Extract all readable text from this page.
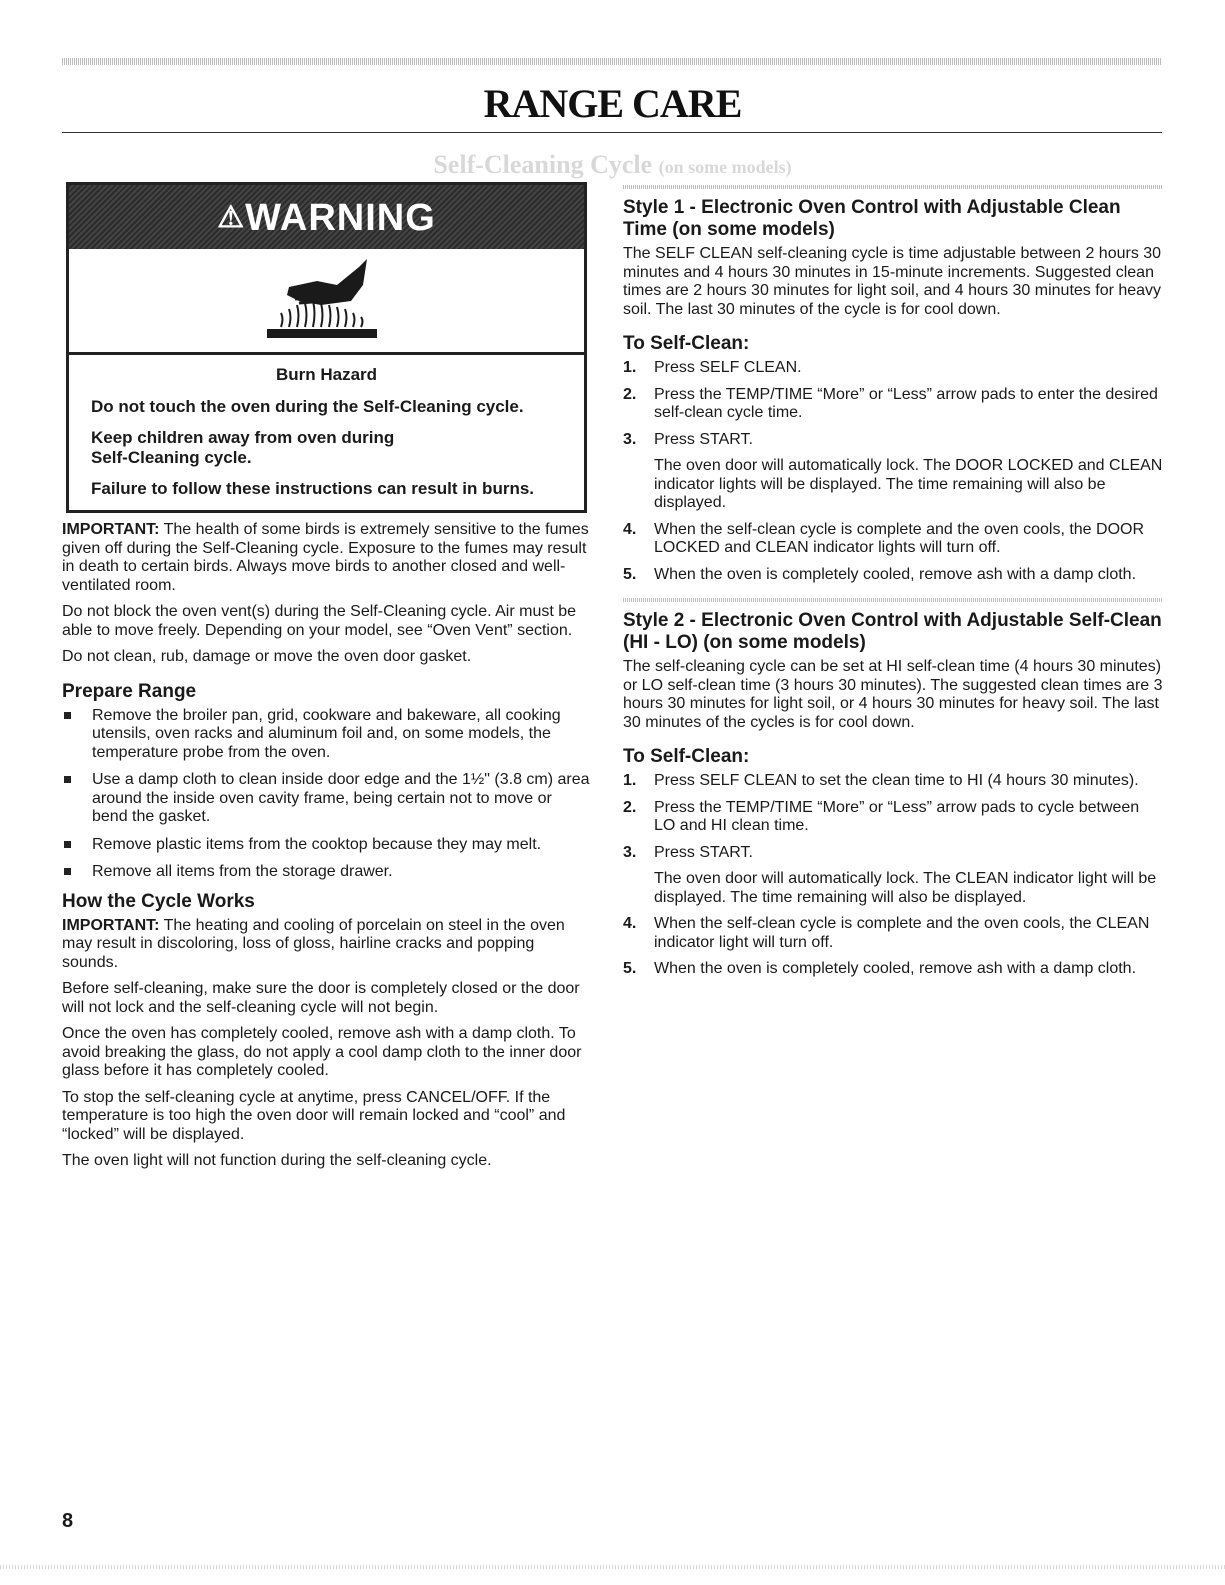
RANGE CARE
Self-Cleaning Cycle (on some models)
⚠WARNING

Burn Hazard

Do not touch the oven during the Self-Cleaning cycle.

Keep children away from oven during Self-Cleaning cycle.

Failure to follow these instructions can result in burns.

IMPORTANT: The health of some birds is extremely sensitive to the fumes given off during the Self-Cleaning cycle. Exposure to the fumes may result in death to certain birds. Always move birds to another closed and well-ventilated room.

Do not block the oven vent(s) during the Self-Cleaning cycle. Air must be able to move freely. Depending on your model, see “Oven Vent” section.

Do not clean, rub, damage or move the oven door gasket.

Prepare Range
Remove the broiler pan, grid, cookware and bakeware, all cooking utensils, oven racks and aluminum foil and, on some models, the temperature probe from the oven.
Use a damp cloth to clean inside door edge and the 1½" (3.8 cm) area around the inside oven cavity frame, being certain not to move or bend the gasket.
Remove plastic items from the cooktop because they may melt.
Remove all items from the storage drawer.
How the Cycle Works

IMPORTANT: The heating and cooling of porcelain on steel in the oven may result in discoloring, loss of gloss, hairline cracks and popping sounds.

Before self-cleaning, make sure the door is completely closed or the door will not lock and the self-cleaning cycle will not begin.

Once the oven has completely cooled, remove ash with a damp cloth. To avoid breaking the glass, do not apply a cool damp cloth to the inner door glass before it has completely cooled.

To stop the self-cleaning cycle at anytime, press CANCEL/OFF. If the temperature is too high the oven door will remain locked and “cool” and “locked” will be displayed.

The oven light will not function during the self-cleaning cycle.

Style 1 - Electronic Oven Control with Adjustable Clean Time (on some models)

The SELF CLEAN self-cleaning cycle is time adjustable between 2 hours 30 minutes and 4 hours 30 minutes in 15-minute increments. Suggested clean times are 2 hours 30 minutes for light soil, and 4 hours 30 minutes for heavy soil. The last 30 minutes of the cycle is for cool down.

To Self-Clean:
1. Press SELF CLEAN.
2. Press the TEMP/TIME “More” or “Less” arrow pads to enter the desired self-clean cycle time.
3. Press START.
The oven door will automatically lock. The DOOR LOCKED and CLEAN indicator lights will be displayed. The time remaining will also be displayed.
4. When the self-clean cycle is complete and the oven cools, the DOOR LOCKED and CLEAN indicator lights will turn off.
5. When the oven is completely cooled, remove ash with a damp cloth.

Style 2 - Electronic Oven Control with Adjustable Self-Clean (HI - LO) (on some models)

The self-cleaning cycle can be set at HI self-clean time (4 hours 30 minutes) or LO self-clean time (3 hours 30 minutes). The suggested clean times are 3 hours 30 minutes for light soil, or 4 hours 30 minutes for heavy soil. The last 30 minutes of the cycles is for cool down.

To Self-Clean:
1. Press SELF CLEAN to set the clean time to HI (4 hours 30 minutes).
2. Press the TEMP/TIME “More” or “Less” arrow pads to cycle between LO and HI clean time.
3. Press START.
The oven door will automatically lock. The CLEAN indicator light will be displayed. The time remaining will also be displayed.
4. When the self-clean cycle is complete and the oven cools, the CLEAN indicator light will turn off.
5. When the oven is completely cooled, remove ash with a damp cloth.
8
